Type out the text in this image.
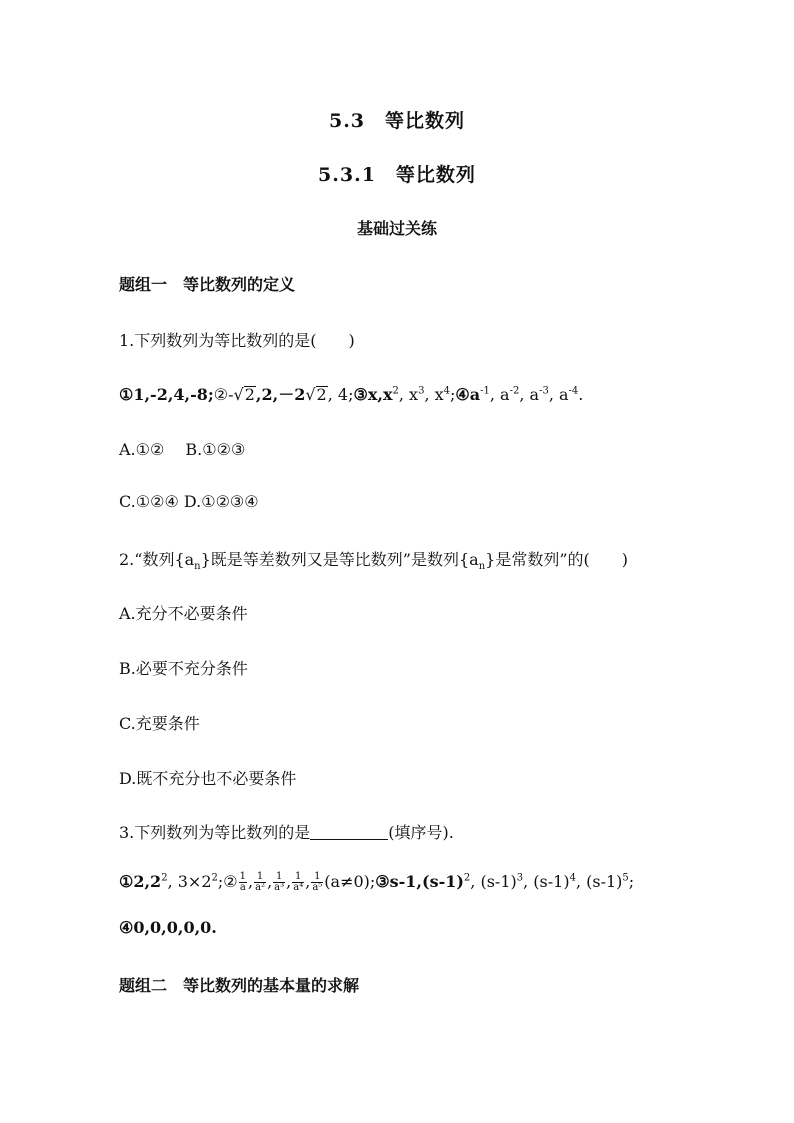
5.3　等比数列
5.3.1　等比数列
基础过关练
题组一　等比数列的定义
1.下列数列为等比数列的是(　　)
①1,-2,4,-8;②-√2,2,－2√2, $4;③x,x^2$, $x^3$, $x^4;④a^{-1}$, $a^{-2}$, $a^{-3}$, $a^{-4}$.
A.①②　 B.①②③
C.①②④ D.①②③④
2.“数列$\{a_n\}$既是等差数列又是等比数列”是数列$\{a_n\}$是常数列”的(　　)
A.充分不必要条件
B.必要不充分条件
C.充要条件
D.既不充分也不必要条件
3.下列数列为等比数列的是	(填序号).
$①2,2^2$, $3\times 2^2;② \frac{1}{a}$ , $\frac{1}{\text{a²}}$ , $\frac{1}{\text{a³}}$ , $\frac{1}{\text{a⁴}}$ , $\frac{1}{\text{a⁵}}$ $(a\ne 0);③s-1,(s-1)^2$, $(s-1)^3$, $(s-1)^4$, $(s-1)^5$;
④0,0,0,0,0.
题组二　等比数列的基本量的求解
